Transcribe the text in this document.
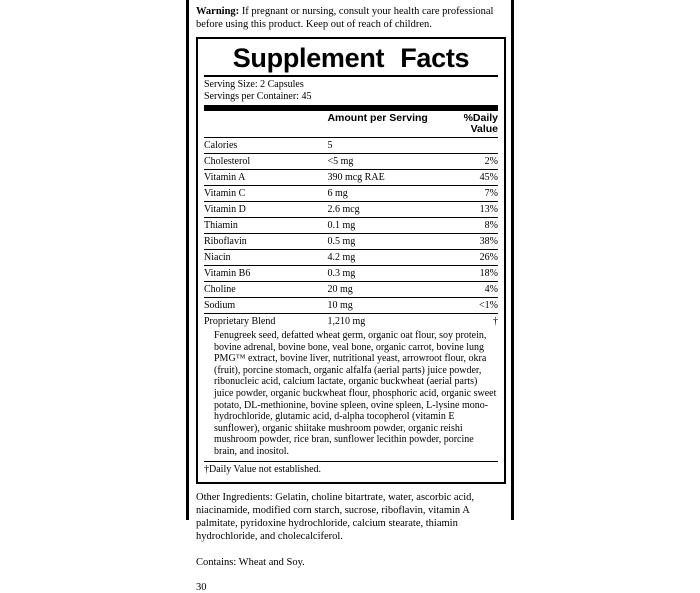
Warning: If pregnant or nursing, consult your health care professional before using this product. Keep out of reach of children.
Supplement Facts
Serving Size: 2 Capsules
Servings per Container: 45
	Amount per Serving	%Daily Value
Calories	5	
Cholesterol	<5 mg	2%
Vitamin A	390 mcg RAE	45%
Vitamin C	6 mg	7%
Vitamin D	2.6 mcg	13%
Thiamin	0.1 mg	8%
Riboflavin	0.5 mg	38%
Niacin	4.2 mg	26%
Vitamin B6	0.3 mg	18%
Choline	20 mg	4%
Sodium	10 mg	<1%
Proprietary Blend	1,210 mg	†
Fenugreek seed, defatted wheat germ, organic oat flour, soy protein, bovine adrenal, bovine bone, veal bone, organic carrot, bovine lung PMG™ extract, bovine liver, nutritional yeast, arrowroot flour, okra (fruit), porcine stomach, organic alfalfa (aerial parts) juice powder, ribonucleic acid, calcium lactate, organic buckwheat (aerial parts) juice powder, organic buckwheat flour, phosphoric acid, organic sweet potato, DL-methionine, bovine spleen, ovine spleen, L-lysine mono-hydrochloride, glutamic acid, d-alpha tocopherol (vitamin E sunflower), organic shiitake mushroom powder, organic reishi mushroom powder, rice bran, sunflower lecithin powder, porcine brain, and inositol.
†Daily Value not established.
Other Ingredients: Gelatin, choline bitartrate, water, ascorbic acid, niacinamide, modified corn starch, sucrose, riboflavin, vitamin A palmitate, pyridoxine hydrochloride, calcium stearate, thiamin hydrochloride, and cholecalciferol.
Contains: Wheat and Soy.
30
